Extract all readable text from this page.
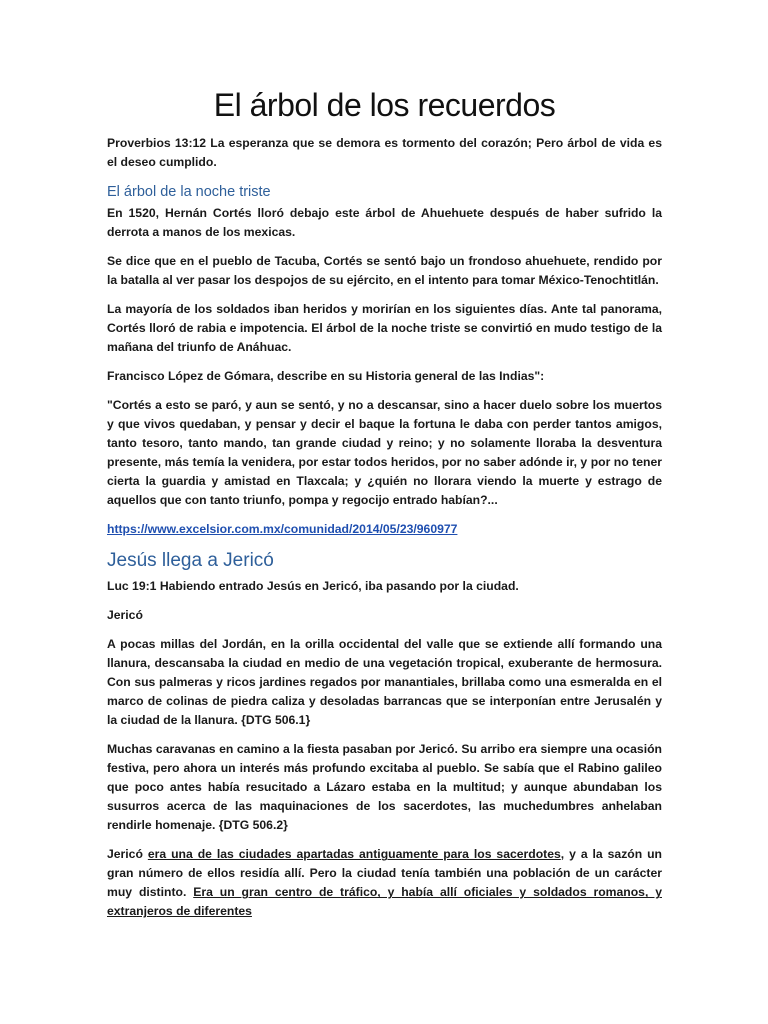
El árbol de los recuerdos

Proverbios 13:12 La esperanza que se demora es tormento del corazón; Pero árbol de vida es el deseo cumplido.

El árbol de la noche triste

En 1520, Hernán Cortés lloró debajo este árbol de Ahuehuete después de haber sufrido la derrota a manos de los mexicas.

Se dice que en el pueblo de Tacuba, Cortés se sentó bajo un frondoso ahuehuete, rendido por la batalla al ver pasar los despojos de su ejército, en el intento para tomar México-Tenochtitlán.

La mayoría de los soldados iban heridos y morirían en los siguientes días. Ante tal panorama, Cortés lloró de rabia e impotencia. El árbol de la noche triste se convirtió en mudo testigo de la mañana del triunfo de Anáhuac.

Francisco López de Gómara, describe en su Historia general de las Indias":

"Cortés a esto se paró, y aun se sentó, y no a descansar, sino a hacer duelo sobre los muertos y que vivos quedaban, y pensar y decir el baque la fortuna le daba con perder tantos amigos, tanto tesoro, tanto mando, tan grande ciudad y reino; y no solamente lloraba la desventura presente, más temía la venidera, por estar todos heridos, por no saber adónde ir, y por no tener cierta la guardia y amistad en Tlaxcala; y ¿quién no llorara viendo la muerte y estrago de aquellos que con tanto triunfo, pompa y regocijo entrado habían?...

https://www.excelsior.com.mx/comunidad/2014/05/23/960977

Jesús llega a Jericó

Luc 19:1 Habiendo entrado Jesús en Jericó, iba pasando por la ciudad.

Jericó

A pocas millas del Jordán, en la orilla occidental del valle que se extiende allí formando una llanura, descansaba la ciudad en medio de una vegetación tropical, exuberante de hermosura. Con sus palmeras y ricos jardines regados por manantiales, brillaba como una esmeralda en el marco de colinas de piedra caliza y desoladas barrancas que se interponían entre Jerusalén y la ciudad de la llanura. {DTG 506.1}

Muchas caravanas en camino a la fiesta pasaban por Jericó. Su arribo era siempre una ocasión festiva, pero ahora un interés más profundo excitaba al pueblo. Se sabía que el Rabino galileo que poco antes había resucitado a Lázaro estaba en la multitud; y aunque abundaban los susurros acerca de las maquinaciones de los sacerdotes, las muchedumbres anhelaban rendirle homenaje. {DTG 506.2}

Jericó era una de las ciudades apartadas antiguamente para los sacerdotes, y a la sazón un gran número de ellos residía allí. Pero la ciudad tenía también una población de un carácter muy distinto. Era un gran centro de tráfico, y había allí oficiales y soldados romanos, y extranjeros de diferentes
